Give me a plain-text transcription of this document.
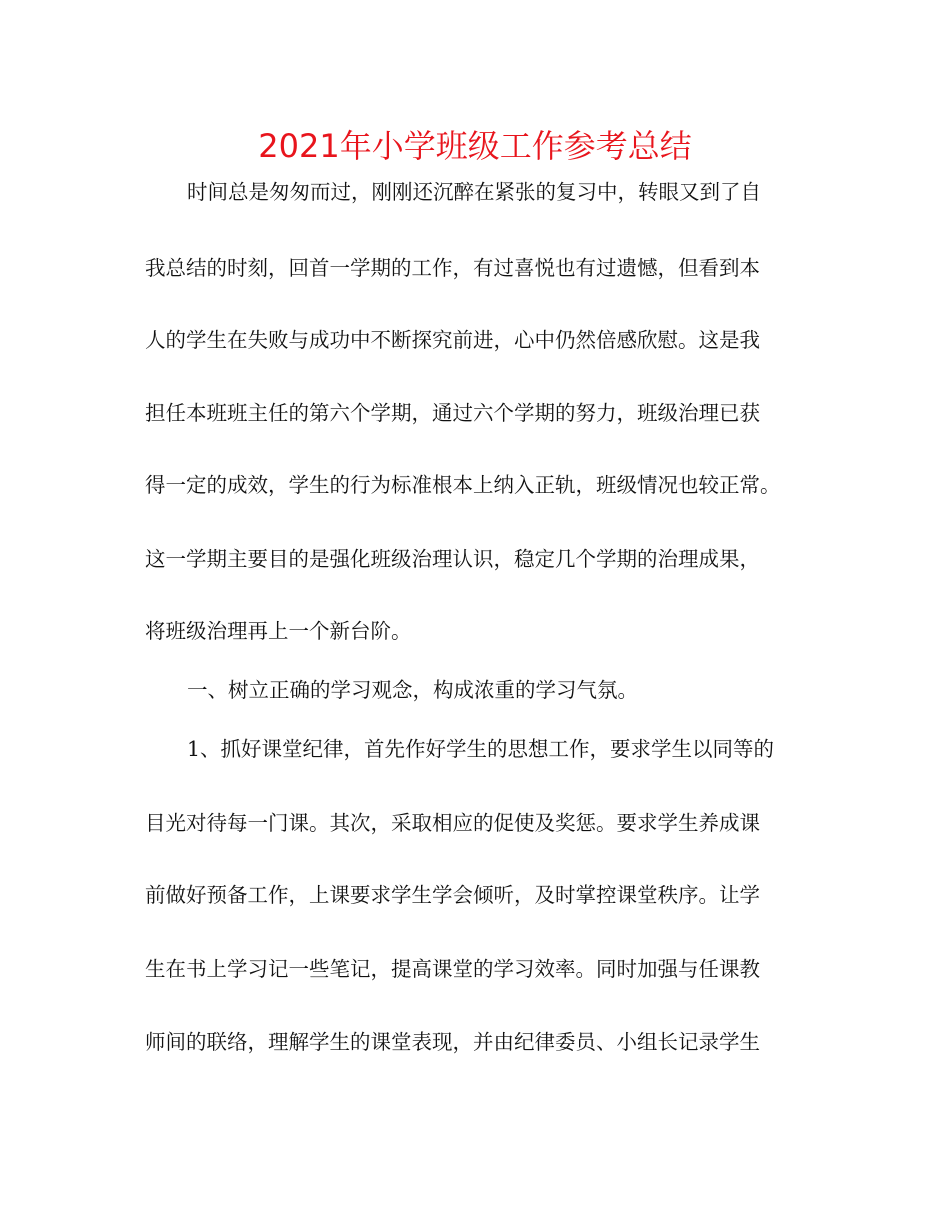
2021年小学班级工作参考总结
时间总是匆匆而过，刚刚还沉醉在紧张的复习中，转眼又到了自
我总结的时刻，回首一学期的工作，有过喜悦也有过遗憾，但看到本
人的学生在失败与成功中不断探究前进，心中仍然倍感欣慰。这是我
担任本班班主任的第六个学期，通过六个学期的努力，班级治理已获
得一定的成效，学生的行为标准根本上纳入正轨，班级情况也较正常。
这一学期主要目的是强化班级治理认识，稳定几个学期的治理成果，
将班级治理再上一个新台阶。
一、树立正确的学习观念，构成浓重的学习气氛。
1、抓好课堂纪律，首先作好学生的思想工作，要求学生以同等的
目光对待每一门课。其次，采取相应的促使及奖惩。要求学生养成课
前做好预备工作，上课要求学生学会倾听，及时掌控课堂秩序。让学
生在书上学习记一些笔记，提高课堂的学习效率。同时加强与任课教
师间的联络，理解学生的课堂表现，并由纪律委员、小组长记录学生
